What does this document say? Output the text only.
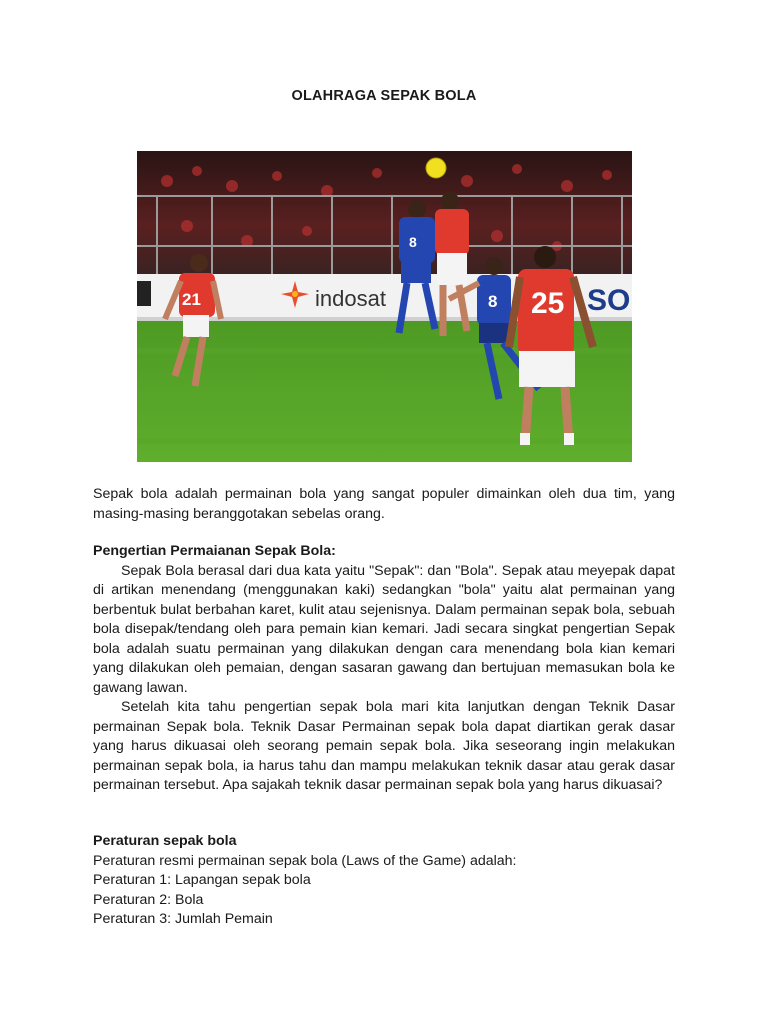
OLAHRAGA SEPAK BOLA
indosat	SO
21
8
8 25

Sepak bola adalah permainan bola yang sangat populer dimainkan oleh dua tim, yang masing-masing beranggotakan sebelas orang.

Pengertian Permaianan Sepak Bola:

Sepak Bola berasal dari dua kata yaitu "Sepak": dan "Bola". Sepak atau meyepak dapat di artikan menendang (menggunakan kaki) sedangkan "bola" yaitu alat permainan yang berbentuk bulat berbahan karet, kulit atau sejenisnya. Dalam permainan sepak bola, sebuah bola disepak/tendang oleh para pemain kian kemari. Jadi secara singkat pengertian Sepak bola adalah suatu permainan yang dilakukan dengan cara menendang bola kian kemari yang dilakukan oleh pemaian, dengan sasaran gawang dan bertujuan memasukan bola ke gawang lawan.

Setelah kita tahu pengertian sepak bola mari kita lanjutkan dengan Teknik Dasar permainan Sepak bola. Teknik Dasar Permainan sepak bola dapat diartikan gerak dasar yang harus dikuasai oleh seorang pemain sepak bola. Jika seseorang ingin melakukan permainan sepak bola, ia harus tahu dan mampu melakukan teknik dasar atau gerak dasar permainan tersebut. Apa sajakah teknik dasar permainan sepak bola yang harus dikuasai?

Peraturan sepak bola
Peraturan resmi permainan sepak bola (Laws of the Game) adalah:
Peraturan 1: Lapangan sepak bola
Peraturan 2: Bola
Peraturan 3: Jumlah Pemain
